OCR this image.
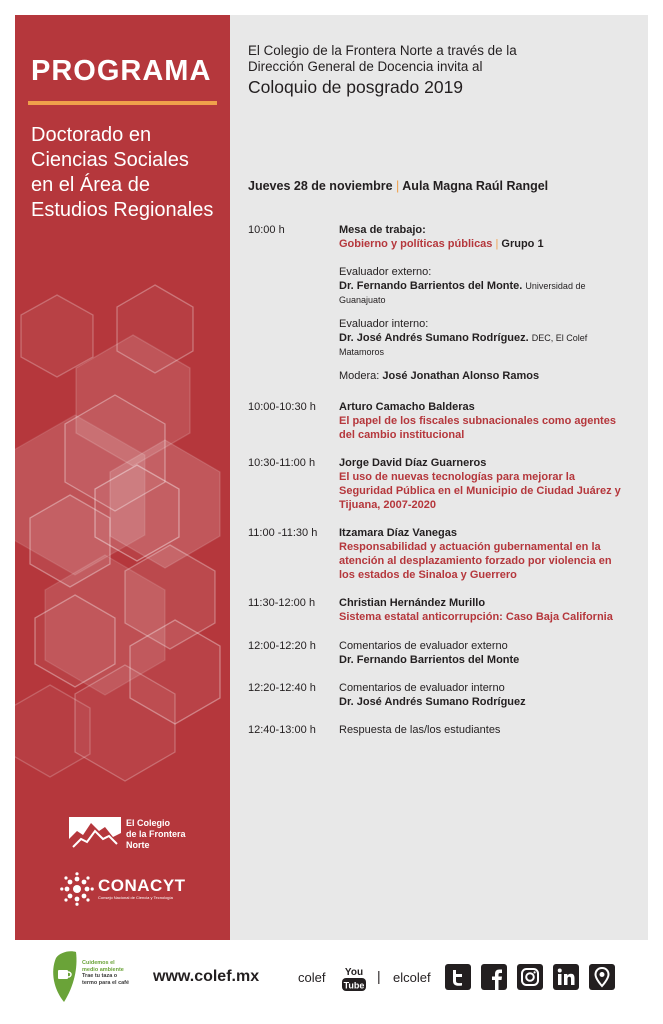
PROGRAMA
Doctorado en
Ciencias Sociales
en el Área de
Estudios Regionales
El Colegio
de la Frontera
Norte
CONACYT
Consejo Nacional de Ciencia y Tecnología
El Colegio de la Frontera Norte a través de la
Dirección General de Docencia invita al
Coloquio de posgrado 2019
Jueves 28 de noviembre | Aula Magna Raúl Rangel
10:00 h	Mesa de trabajo:
Gobierno y políticas públicas | Grupo 1
Evaluador externo:
Dr. Fernando Barrientos del Monte. Universidad de Guanajuato
Evaluador interno:
Dr. José Andrés Sumano Rodríguez. DEC, El Colef Matamoros
Modera: José Jonathan Alonso Ramos
10:00-10:30 h	Arturo Camacho Balderas
El papel de los fiscales subnacionales como agentes del cambio institucional
10:30-11:00 h	Jorge David Díaz Guarneros
El uso de nuevas tecnologías para mejorar la Seguridad Pública en el Municipio de Ciudad Juárez y Tijuana, 2007-2020
11:00 -11:30 h	Itzamara Díaz Vanegas
Responsabilidad y actuación gubernamental en la atención al desplazamiento forzado por violencia en los estados de Sinaloa y Guerrero
11:30-12:00 h	Christian Hernández Murillo
Sistema estatal anticorrupción: Caso Baja California
12:00-12:20 h	Comentarios de evaluador externo
Dr. Fernando Barrientos del Monte
12:20-12:40 h	Comentarios de evaluador interno
Dr. José Andrés Sumano Rodríguez
12:40-13:00 h	Respuesta de las/los estudiantes
Cuidemos el medio ambiente
Trae tu taza o termo para el café www.colef.mx	colef You
Tube
| elcolef
